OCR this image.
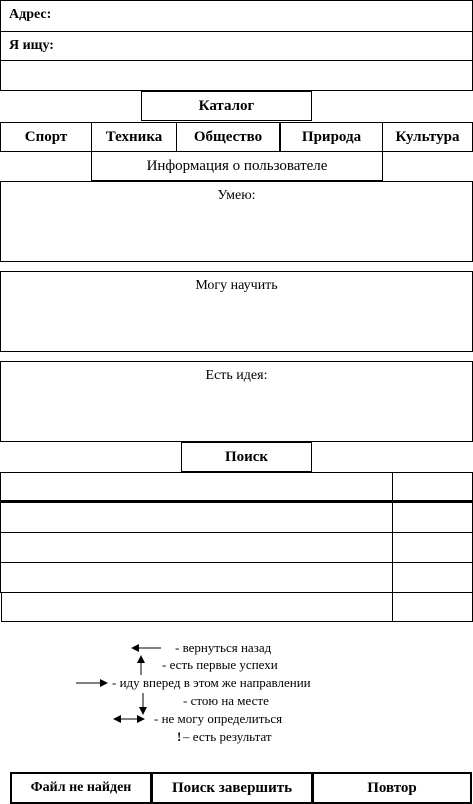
Адрес:
Я ищу:
Каталог
Спорт	Техника	Общество	Природа	Культура
Информация о пользователе
Умею:
Могу научить
Есть идея:
Поиск
- вернуться назад
- есть первые успехи
- иду вперед в этом же направлении
- стою на месте
- не могу определиться
! – есть результат
Файл не найден	Поиск завершить	Повтор
